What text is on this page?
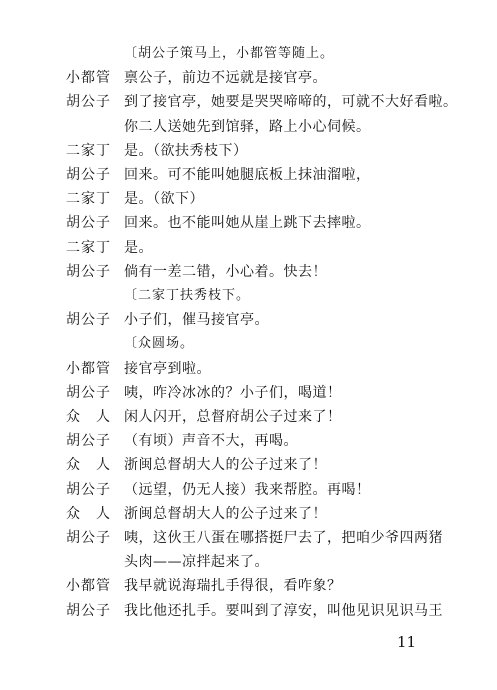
〔胡公子策马上，小都管等随上。
小都管 禀公子，前边不远就是接官亭。
胡公子 到了接官亭，她要是哭哭啼啼的，可就不大好看啦。
你二人送她先到馆驿，路上小心伺候。
二家丁 是。（欲扶秀枝下）
胡公子 回来。可不能叫她腿底板上抹油溜啦，
二家丁 是。（欲下）
胡公子 回来。也不能叫她从崖上跳下去摔啦。
二家丁 是。
胡公子 倘有一差二错，小心着。快去！
〔二家丁扶秀枝下。
胡公子 小子们，催马接官亭。
〔众圆场。
小都管 接官亭到啦。
胡公子 咦，咋冷冰冰的？小子们，喝道！
众　人 闲人闪开，总督府胡公子过来了！
胡公子 （有顷）声音不大，再喝。
众　人 浙闽总督胡大人的公子过来了！
胡公子 （远望，仍无人接）我来帮腔。再喝！
众　人 浙闽总督胡大人的公子过来了！
胡公子 咦，这伙王八蛋在哪搭挺尸去了，把咱少爷四两猪
头肉——凉拌起来了。
小都管 我早就说海瑞扎手得很，看咋象？
胡公子 我比他还扎手。要叫到了淳安，叫他见识见识马王
11
